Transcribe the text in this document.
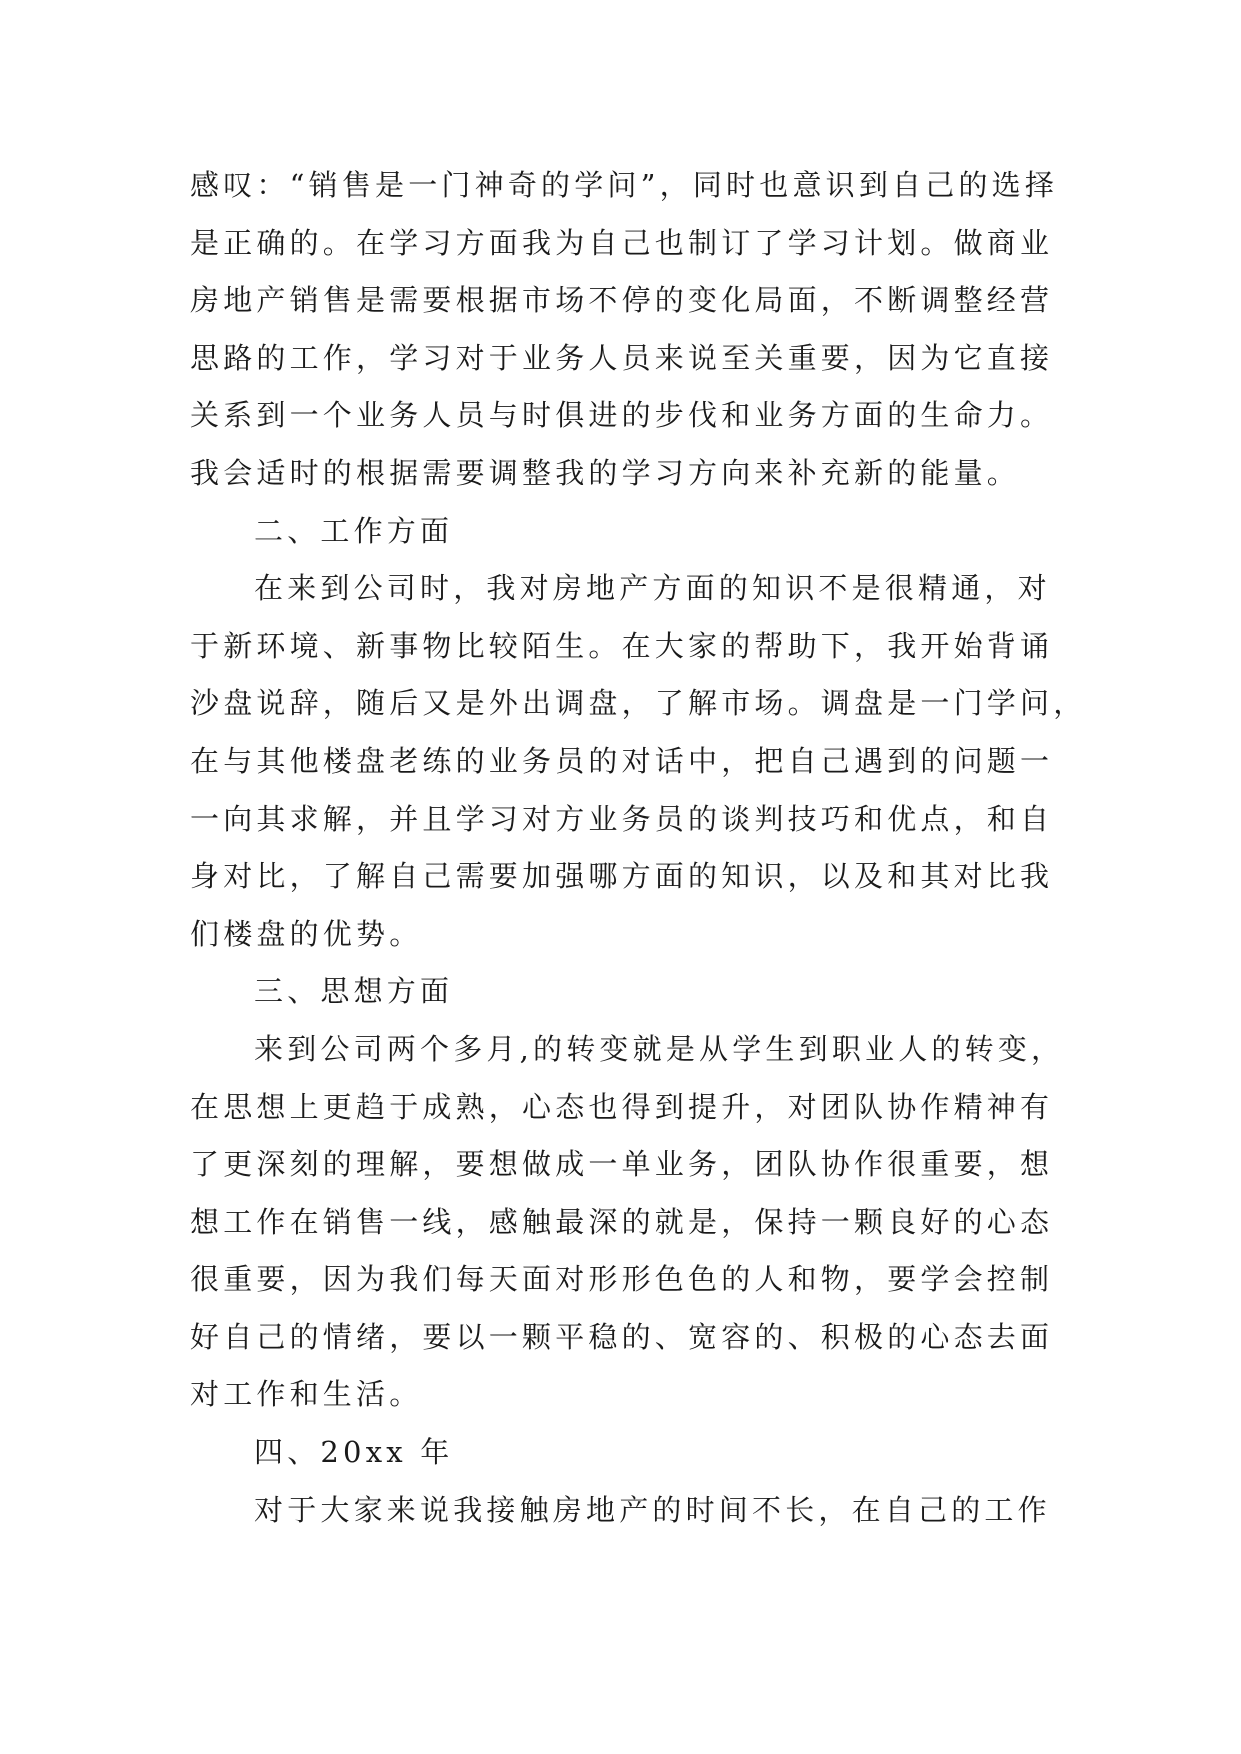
感叹：“销售是一门神奇的学问”，同时也意识到自己的选择
是正确的。在学习方面我为自己也制订了学习计划。做商业
房地产销售是需要根据市场不停的变化局面，不断调整经营
思路的工作，学习对于业务人员来说至关重要，因为它直接
关系到一个业务人员与时俱进的步伐和业务方面的生命力。
我会适时的根据需要调整我的学习方向来补充新的能量。
二、工作方面
在来到公司时，我对房地产方面的知识不是很精通，对
于新环境、新事物比较陌生。在大家的帮助下，我开始背诵
沙盘说辞，随后又是外出调盘，了解市场。调盘是一门学问，
在与其他楼盘老练的业务员的对话中，把自己遇到的问题一
一向其求解，并且学习对方业务员的谈判技巧和优点，和自
身对比，了解自己需要加强哪方面的知识，以及和其对比我
们楼盘的优势。
三、思想方面
来到公司两个多月,的转变就是从学生到职业人的转变，
在思想上更趋于成熟，心态也得到提升，对团队协作精神有
了更深刻的理解，要想做成一单业务，团队协作很重要，想
想工作在销售一线，感触最深的就是，保持一颗良好的心态
很重要，因为我们每天面对形形色色的人和物，要学会控制
好自己的情绪，要以一颗平稳的、宽容的、积极的心态去面
对工作和生活。
四、20xx 年
对于大家来说我接触房地产的时间不长，在自己的工作
